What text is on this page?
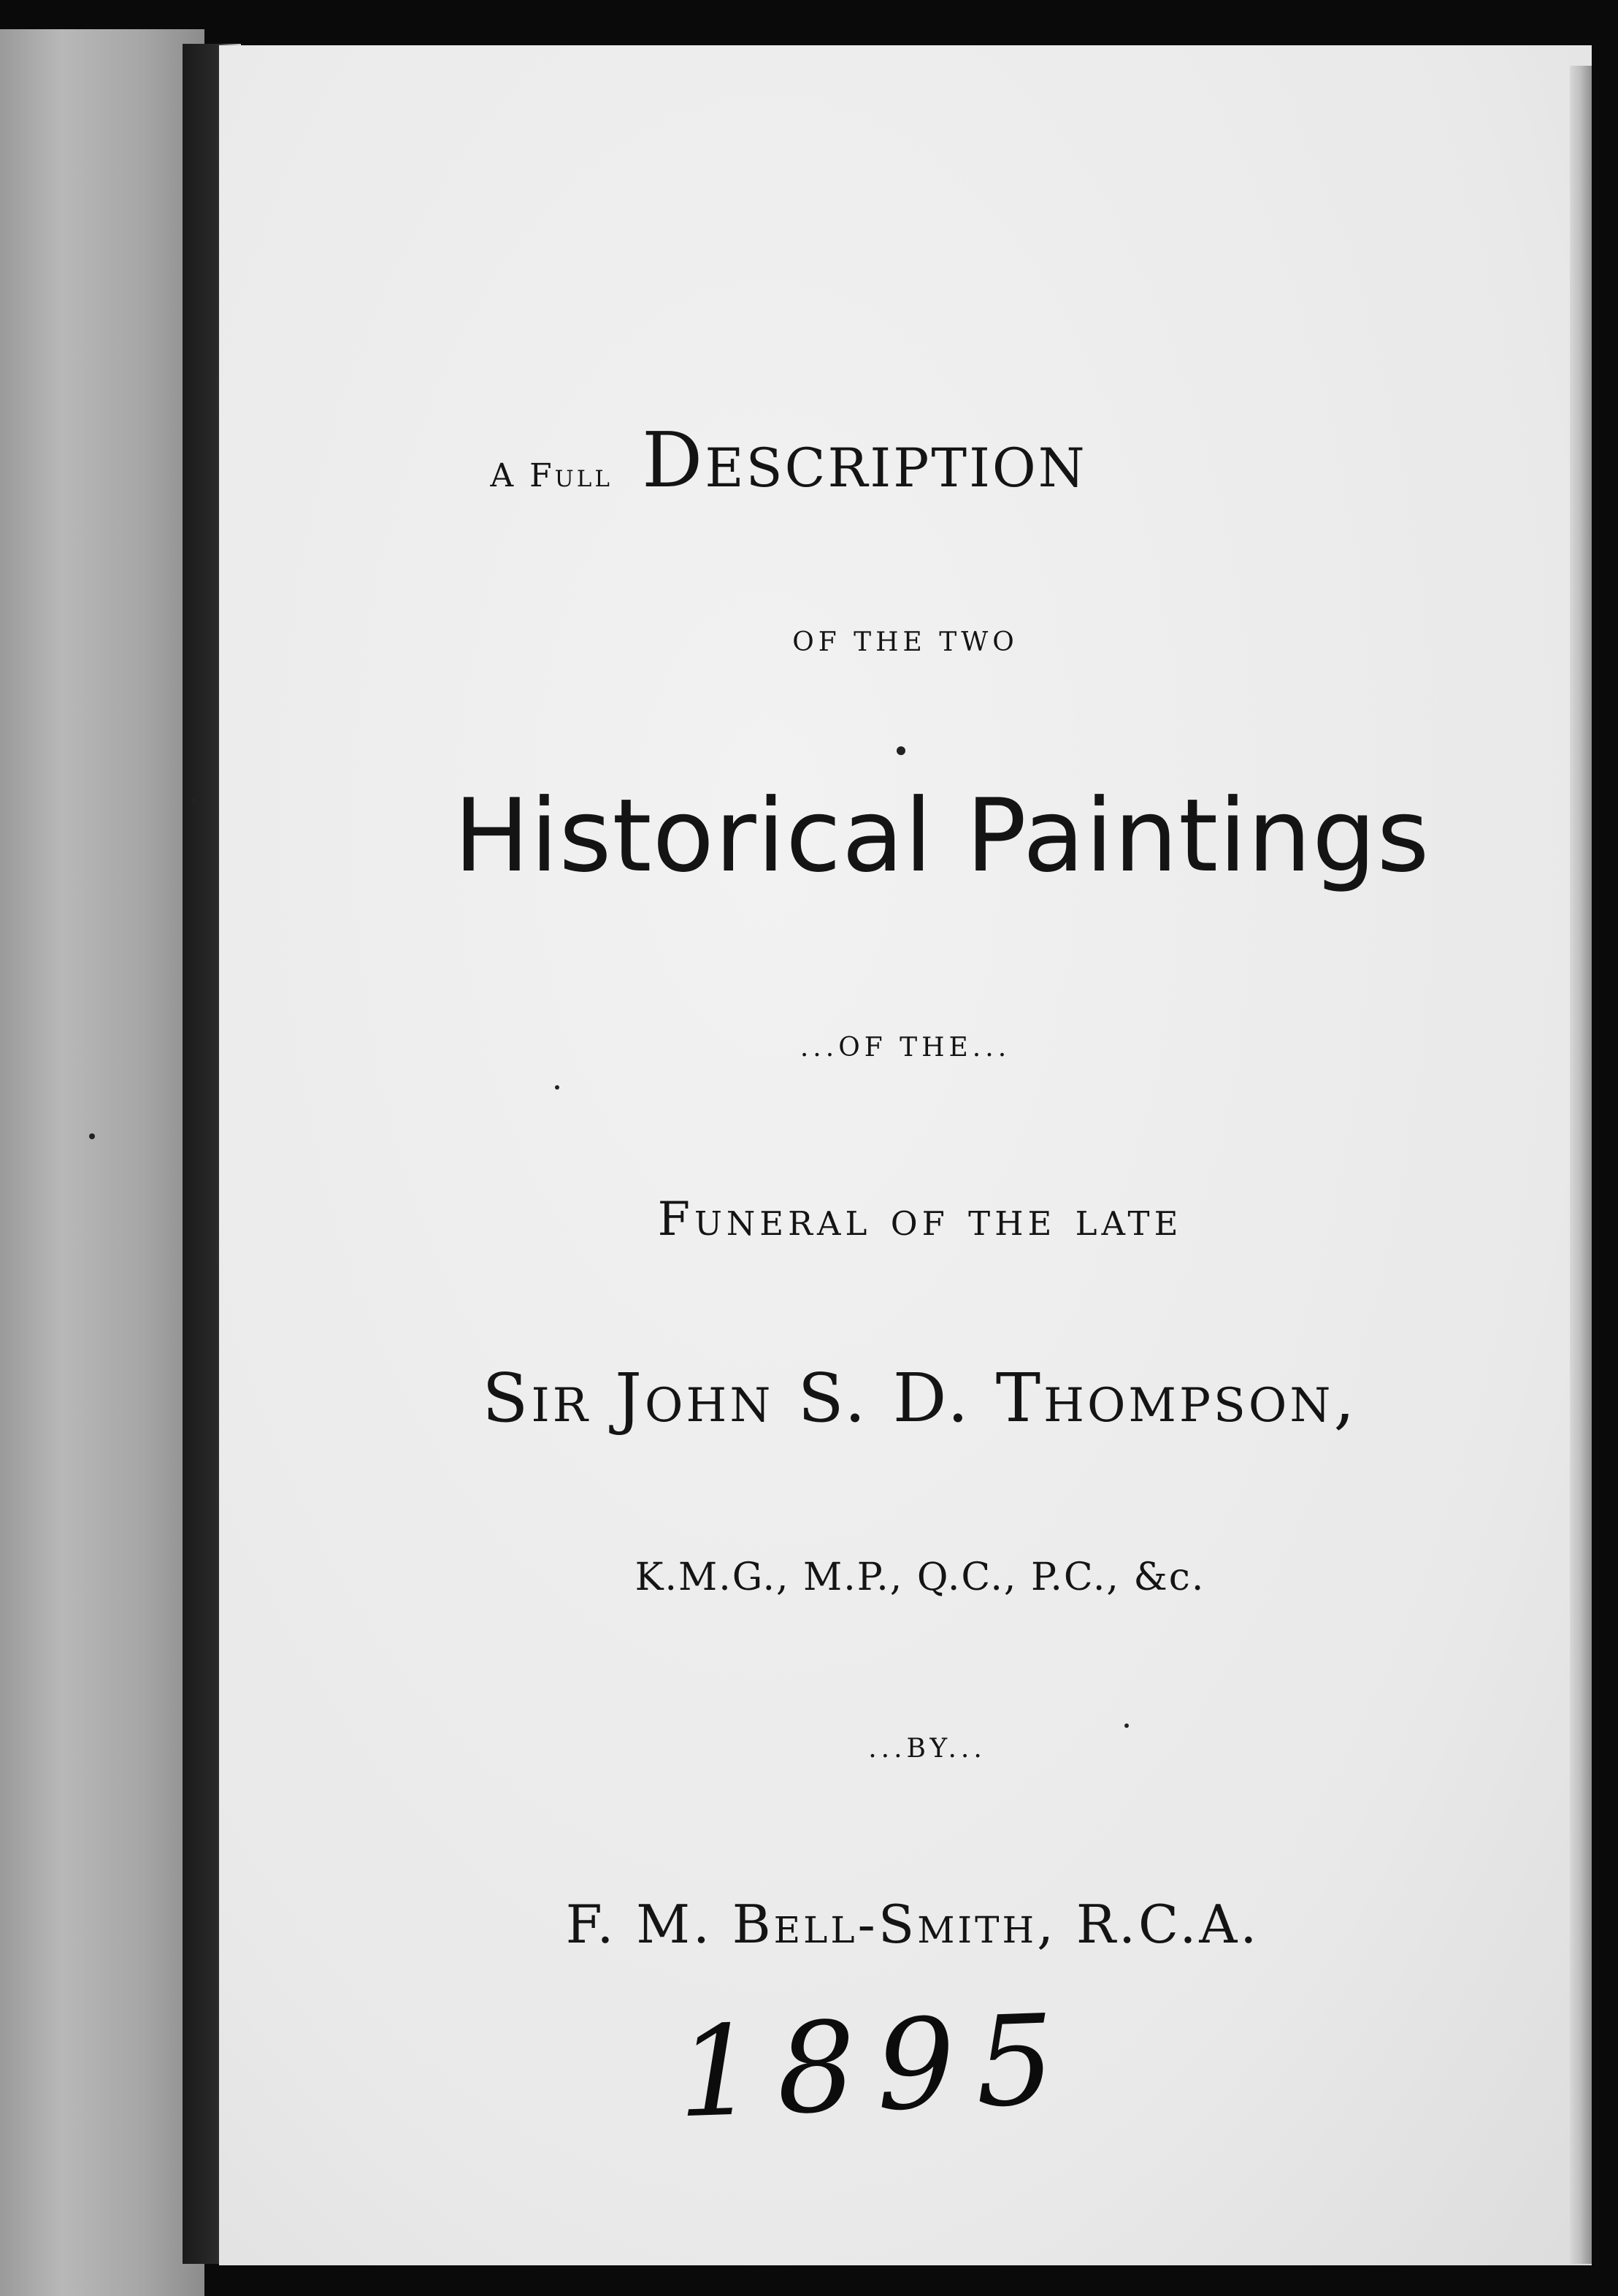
A Full Description
OF THE TWO
Historical Paintings
...OF THE...
Funeral of the late
Sir John S. D. Thompson,
K.M.G., M.P., Q.C., P.C., &c.
...BY...
F. M. Bell-Smith, R.C.A.
1895
